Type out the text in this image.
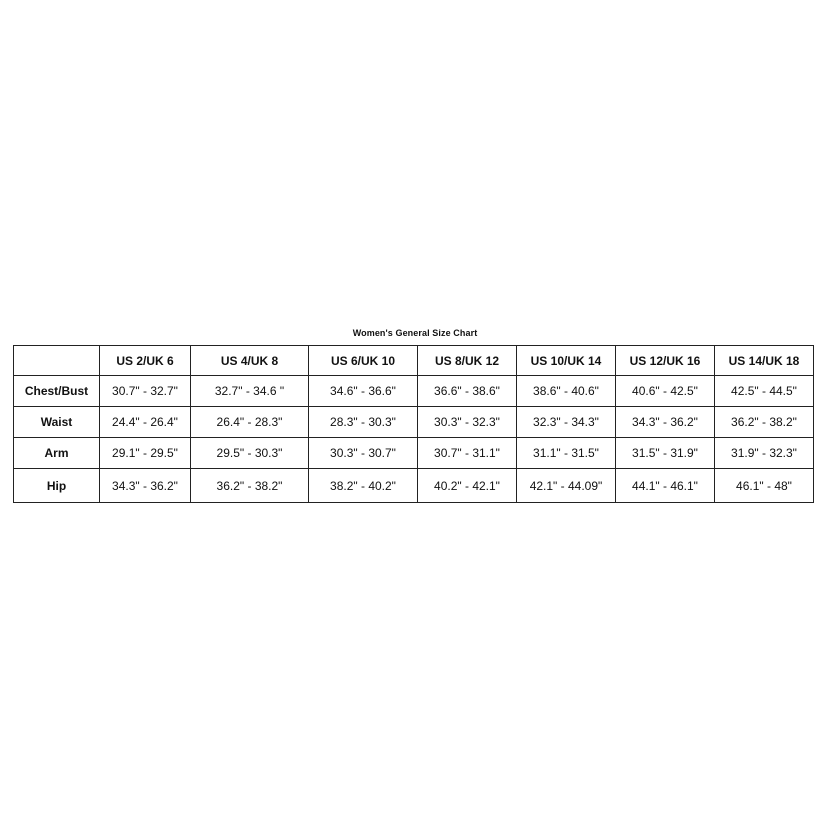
Women's General Size Chart
	US 2/UK 6	US 4/UK 8	US 6/UK 10	US 8/UK 12	US 10/UK 14	US 12/UK 16	US 14/UK 18
Chest/Bust	30.7" - 32.7"	32.7" - 34.6 "	34.6" - 36.6"	36.6" - 38.6"	38.6" - 40.6"	40.6" - 42.5"	42.5" - 44.5"
Waist	24.4" - 26.4"	26.4" - 28.3"	28.3" - 30.3"	30.3" - 32.3"	32.3" - 34.3"	34.3" - 36.2"	36.2" - 38.2"
Arm	29.1" - 29.5"	29.5" - 30.3"	30.3" - 30.7"	30.7" - 31.1"	31.1" - 31.5"	31.5" - 31.9"	31.9" - 32.3"
Hip	34.3" - 36.2"	36.2" - 38.2"	38.2" - 40.2"	40.2" - 42.1"	42.1" - 44.09"	44.1" - 46.1"	46.1" - 48"
